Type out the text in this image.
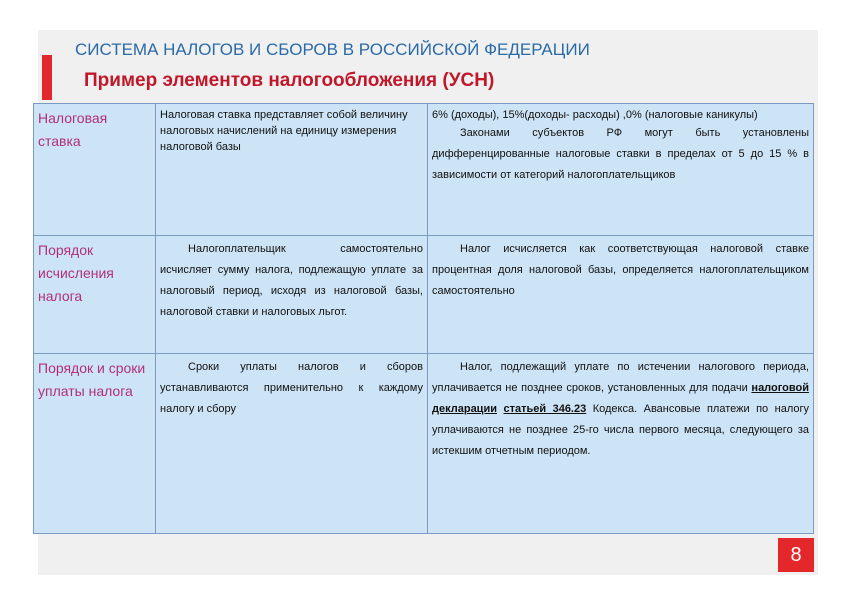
СИСТЕМА НАЛОГОВ И СБОРОВ В РОССИЙСКОЙ ФЕДЕРАЦИИ
Пример элементов налогообложения (УСН)
Налоговая ставка	Налоговая ставка представляет собой величину налоговых начислений на единицу измерения налоговой базы	6% (доходы), 15%(доходы- расходы) ,0% (налоговые каникулы)

Законами субъектов РФ могут быть установлены дифференцированные налоговые ставки в пределах от 5 до 15 % в зависимости от категорий налогоплательщиков

Порядок исчисления налога	Налогоплательщик самостоятельно исчисляет сумму налога, подлежащую уплате за налоговый период, исходя из налоговой базы, налоговой ставки и налоговых льгот.	Налог исчисляется как соответствующая налоговой ставке процентная доля налоговой базы, определяется налогоплательщиком самостоятельно

Порядок и сроки уплаты налога	Сроки уплаты налогов и сборов устанавливаются применительно к каждому налогу и сбору	Налог, подлежащий уплате по истечении налогового периода, уплачивается не позднее сроков, установленных для подачи налоговой декларации статьей 346.23 Кодекса. Авансовые платежи по налогу уплачиваются не позднее 25-го числа первого месяца, следующего за истекшим отчетным периодом.

8
